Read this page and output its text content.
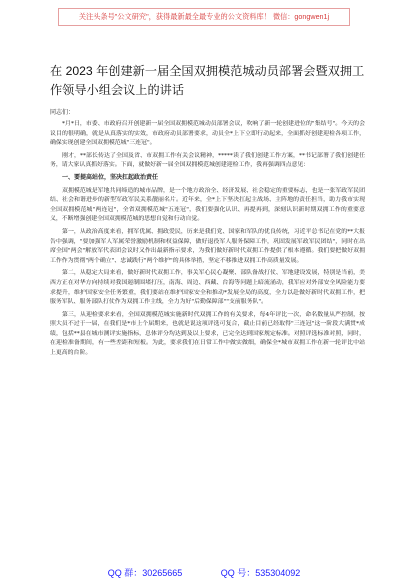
关注头条号"公文研究"，获得最新最全最专业的公文资料库！ 微信：gongwen1j
在 2023 年创建新一届全国双拥模范城动员部署会暨双拥工作领导小组会议上的讲话
同志们：

*月*日，市委、市政府召开创建新一届全国双拥模范城动员部署会议，吹响了新一轮创建进位的"集结号"。今天的会议目的很明确，就是从真落实的实效，市政府动员部署要求，动员全*上下立即行动起来，全面抓好创建迎检各项工作，确保实现创建全国双拥模范城"三连冠"。

刚才，**部长传达了全国及省、市双拥工作有关会议精神，*****读了我们创建工作方案，**书记部署了我们创建任务，请大家认真抓好落实。下面，就做好新一届全国双拥模范城创建迎检工作，我再强调四点意见：

一、要提高站位，坚决扛起政治责任

双拥模范城是军地共同缔造的城市品牌，是一个地方政治全、经济发展、社会稳定的重要标志，也是一张军政军民团结、社会和谐进步的新型军政军民关系靓丽名片。近年来，全*上下坚决扛起主战场、主阵地的责任担当，助力我市实现全国双拥模范城"两连冠"，全省双拥模范城"五连冠"，我们要强化认识、再提再到，深刻认识新时期双拥工作的重要意义，不断增强创建全国双拥模范城的思想自觉和行动自觉。

第一，从政治高度来看，拥军优属、拥政爱民，历来是我们党、国家和军队的优良传统，习近平总书记在党的**大报告中强调，"要加强军人军属荣誉激励机制和权益保障，做好退役军人服务保障工作，巩固发展军政军民团结"，同时在出席全国"两会"解放军代表团会议时又作出最新指示要求，为我们做好新时代双拥工作提供了根本遵循。我们要把做好双拥工作作为贯彻"两个确立"、忠诚践行"两个维护"的具体举措，坚定不移推进双拥工作高质量发展。

第二，从稳定大局来看，做好新时代双拥工作，事关军心民心凝聚、部队备战打仗、军地建设发展，特别是当前，美西方正在对华方向持续对我国遏制围堵打压，南海、周边、西藏、台海等问题上暗流涌动，我军应对外部安全风险能力要求提升，维护国家安全任务繁重，我们要站在维护国家安全和推动*发展全局的高度，全力以赴做好新时代双拥工作，把服务军队、服务部队打仗作为双拥工作主线，全力为好"后勤保障部""支前服务队"。

第三，从迎检要求来看，全国双拥模范城实施新时代双拥工作的有关要求，每4年评比一次，命名数量从严控制，按照大员不过于一届，在我们是*市上个届期来，也就是说这项评选可复合，截止目前已经取得"三连冠"这一阶段大满贯*成绩，包括**县在城市测评实施指标，总体评分均达到及以上要求，已完全达到国家规定标准。对照评选标准对照，同时，在迎检准备期间，有一些差距和短板。为此，要求我们在日常工作中做实做细，确保全*城市双拥工作在新一轮评比中站上更高的台阶。

QQ 群：30265665	QQ 号：535304092
